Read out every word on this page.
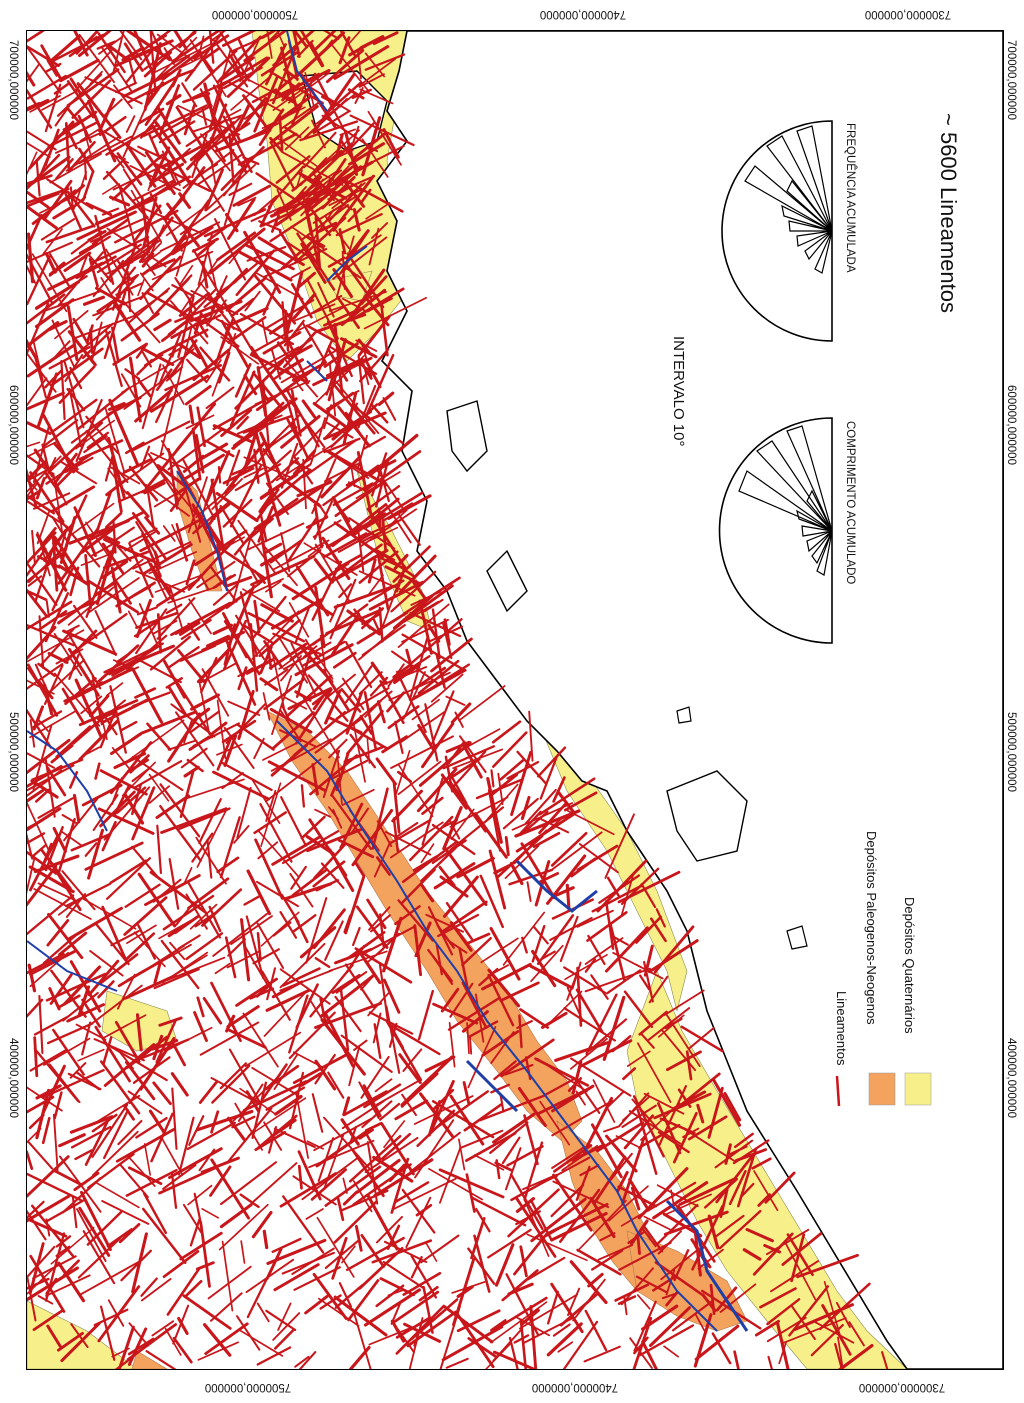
7500000,000000	7400000,000000	7300000,000000
7500000,000000	7400000,000000	7300000,000000
400000,000000
500000,000000
600000,000000
700000,000000
400000,000000
500000,000000
600000,000000
700000,000000
INTERVALO 10°
COMPRIMENTO ACUMULADO
FREQUÊNCIA ACUMULADA	~ 5600 Lineamentos
Lineamentos
Depósitos Paleogenos-Neogenos Depósitos Quaternários
